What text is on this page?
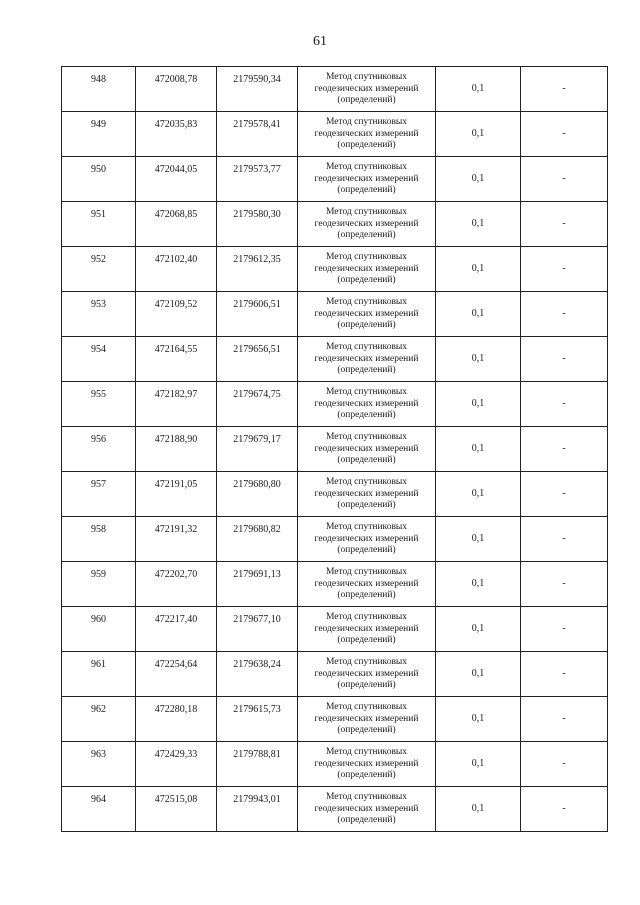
61
948	472008,78	2179590,34	Метод спутниковых геодезических измерений (определений)	0,1	-
949	472035,83	2179578,41	Метод спутниковых геодезических измерений (определений)	0,1	-
950	472044,05	2179573,77	Метод спутниковых геодезических измерений (определений)	0,1	-
951	472068,85	2179580,30	Метод спутниковых геодезических измерений (определений)	0,1	-
952	472102,40	2179612,35	Метод спутниковых геодезических измерений (определений)	0,1	-
953	472109,52	2179606,51	Метод спутниковых геодезических измерений (определений)	0,1	-
954	472164,55	2179656,51	Метод спутниковых геодезических измерений (определений)	0,1	-
955	472182,97	2179674,75	Метод спутниковых геодезических измерений (определений)	0,1	-
956	472188,90	2179679,17	Метод спутниковых геодезических измерений (определений)	0,1	-
957	472191,05	2179680,80	Метод спутниковых геодезических измерений (определений)	0,1	-
958	472191,32	2179680,82	Метод спутниковых геодезических измерений (определений)	0,1	-
959	472202,70	2179691,13	Метод спутниковых геодезических измерений (определений)	0,1	-
960	472217,40	2179677,10	Метод спутниковых геодезических измерений (определений)	0,1	-
961	472254,64	2179638,24	Метод спутниковых геодезических измерений (определений)	0,1	-
962	472280,18	2179615,73	Метод спутниковых геодезических измерений (определений)	0,1	-
963	472429,33	2179788,81	Метод спутниковых геодезических измерений (определений)	0,1	-
964	472515,08	2179943,01	Метод спутниковых геодезических измерений (определений)	0,1	-
